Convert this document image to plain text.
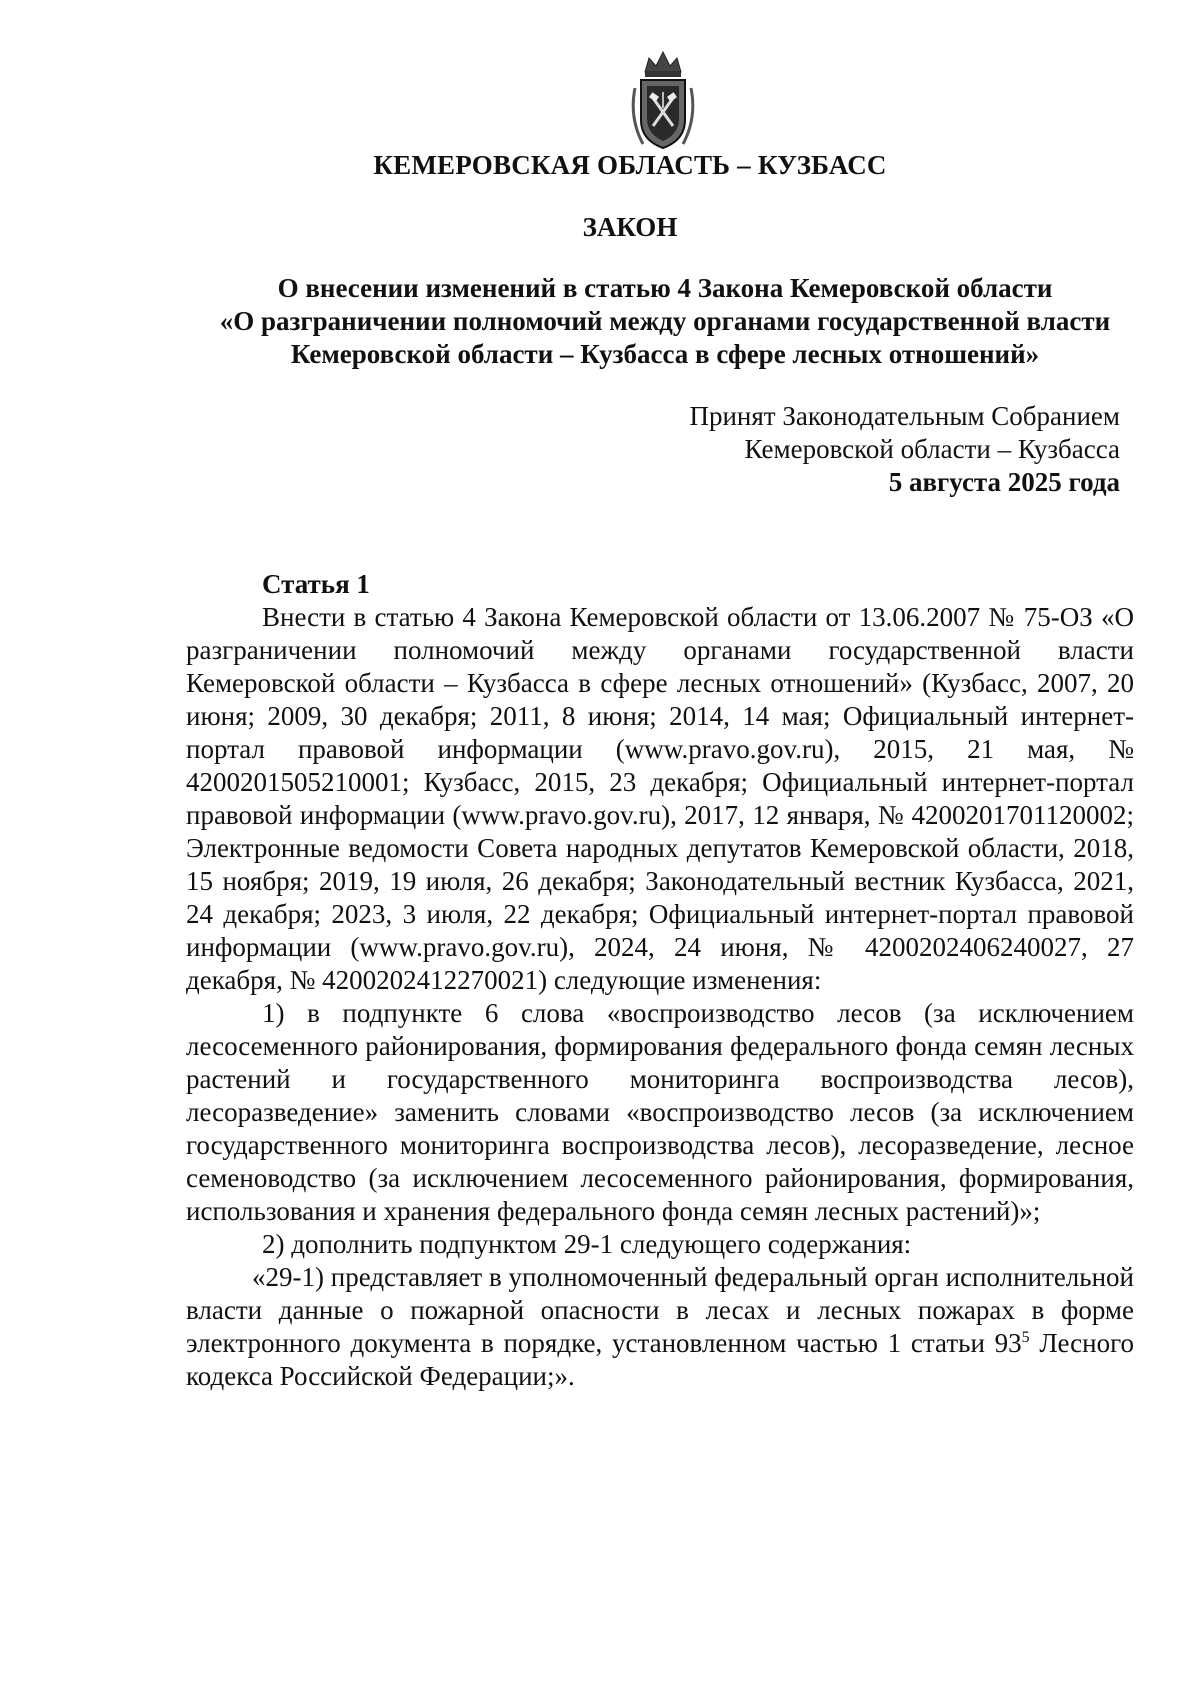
КЕМЕРОВСКАЯ ОБЛАСТЬ – КУЗБАСС
ЗАКОН
О внесении изменений в статью 4 Закона Кемеровской области
«О разграничении полномочий между органами государственной власти
Кемеровской области – Кузбасса в сфере лесных отношений»
Принят Законодательным Собранием
Кемеровской области – Кузбасса
5 августа 2025 года
Статья 1

Внести в статью 4 Закона Кемеровской области от 13.06.2007 № 75-ОЗ «О разграничении полномочий между органами государственной власти Кемеровской области – Кузбасса в сфере лесных отношений» (Кузбасс, 2007, 20 июня; 2009, 30 декабря; 2011, 8 июня; 2014, 14 мая; Официальный интернет-портал правовой информации (www.pravo.gov.ru), 2015, 21 мая, № 4200201505210001; Кузбасс, 2015, 23 декабря; Официальный интернет-портал правовой информации (www.pravo.gov.ru), 2017, 12 января, № 4200201701120002; Электронные ведомости Совета народных депутатов Кемеровской области, 2018, 15 ноября; 2019, 19 июля, 26 декабря; Законодательный вестник Кузбасса, 2021, 24 декабря; 2023, 3 июля, 22 декабря; Официальный интернет-портал правовой информации (www.pravo.gov.ru), 2024, 24 июня, № 4200202406240027, 27 декабря, № 4200202412270021) следующие изменения:

1) в подпункте 6 слова «воспроизводство лесов (за исключением лесосеменного районирования, формирования федерального фонда семян лесных растений и государственного мониторинга воспроизводства лесов), лесоразведение» заменить словами «воспроизводство лесов (за исключением государственного мониторинга воспроизводства лесов), лесоразведение, лесное семеноводство (за исключением лесосеменного районирования, формирования, использования и хранения федерального фонда семян лесных растений)»;

2) дополнить подпунктом 29-1 следующего содержания:

«29-1) представляет в уполномоченный федеральный орган исполнительной власти данные о пожарной опасности в лесах и лесных пожарах в форме электронного документа в порядке, установленном частью 1 статьи $93^5$ Лесного кодекса Российской Федерации;».
